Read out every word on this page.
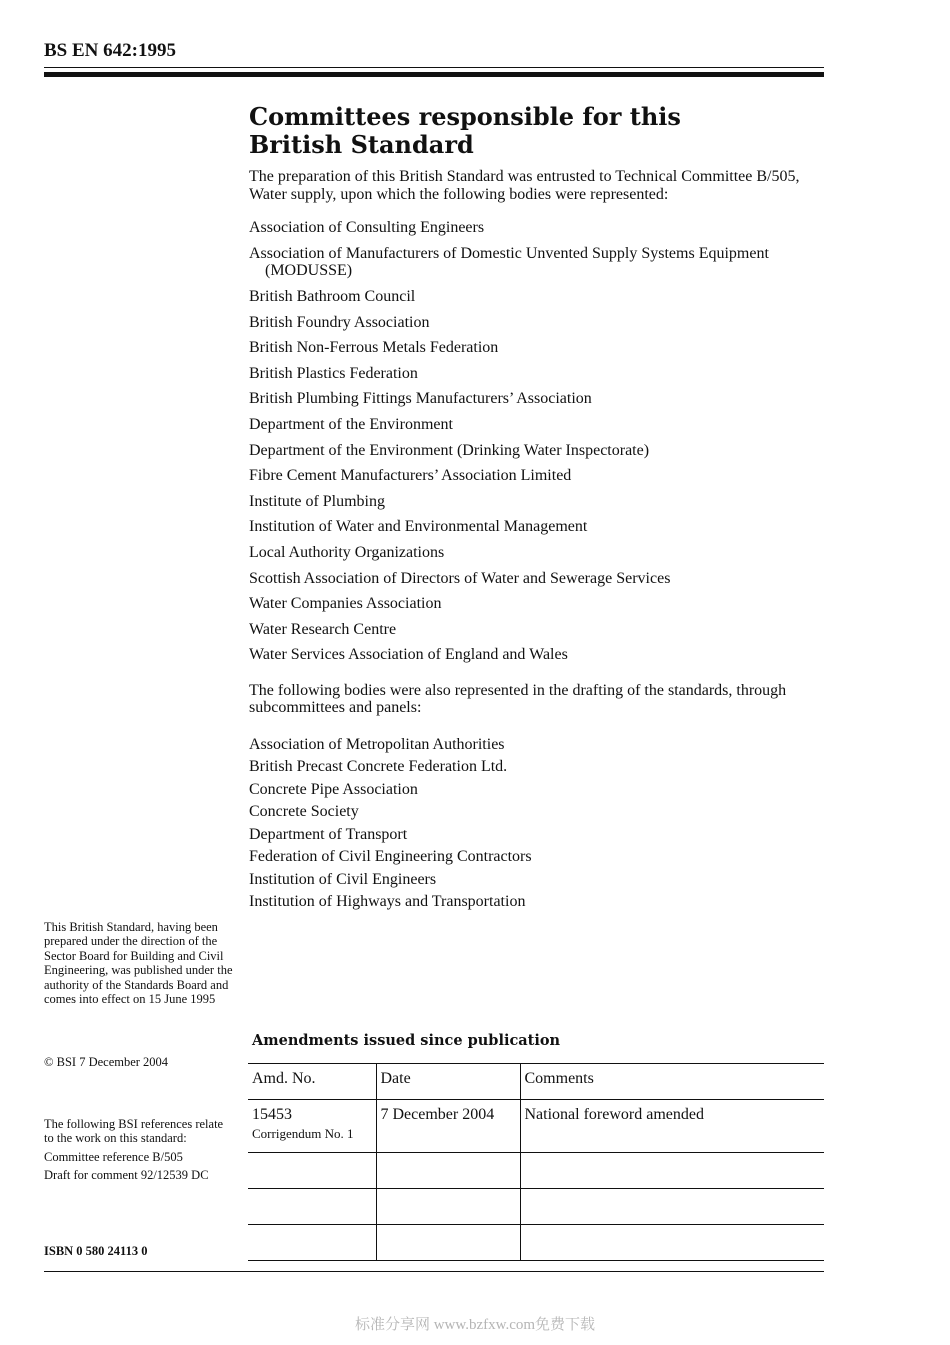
BS EN 642:1995
Committees responsible for this British Standard

The preparation of this British Standard was entrusted to Technical Committee B/505, Water supply, upon which the following bodies were represented:

Association of Consulting Engineers
Association of Manufacturers of Domestic Unvented Supply Systems Equipment (MODUSSE)
British Bathroom Council
British Foundry Association
British Non-Ferrous Metals Federation
British Plastics Federation
British Plumbing Fittings Manufacturers’ Association
Department of the Environment
Department of the Environment (Drinking Water Inspectorate)
Fibre Cement Manufacturers’ Association Limited
Institute of Plumbing
Institution of Water and Environmental Management
Local Authority Organizations
Scottish Association of Directors of Water and Sewerage Services
Water Companies Association
Water Research Centre
Water Services Association of England and Wales

The following bodies were also represented in the drafting of the standards, through subcommittees and panels:

Association of Metropolitan Authorities
British Precast Concrete Federation Ltd.
Concrete Pipe Association
Concrete Society
Department of Transport
Federation of Civil Engineering Contractors
Institution of Civil Engineers
Institution of Highways and Transportation
This British Standard, having been prepared under the direction of the Sector Board for Building and Civil Engineering, was published under the authority of the Standards Board and comes into effect on 15 June 1995
© BSI 7 December 2004

The following BSI references relate to the work on this standard:

Committee reference B/505

Draft for comment 92/12539 DC

ISBN 0 580 24113 0
Amendments issued since publication
Amd. No.	Date	Comments
15453
Corrigendum No. 1	7 December 2004	National foreword amended

标准分享网 www.bzfxw.com免费下载
